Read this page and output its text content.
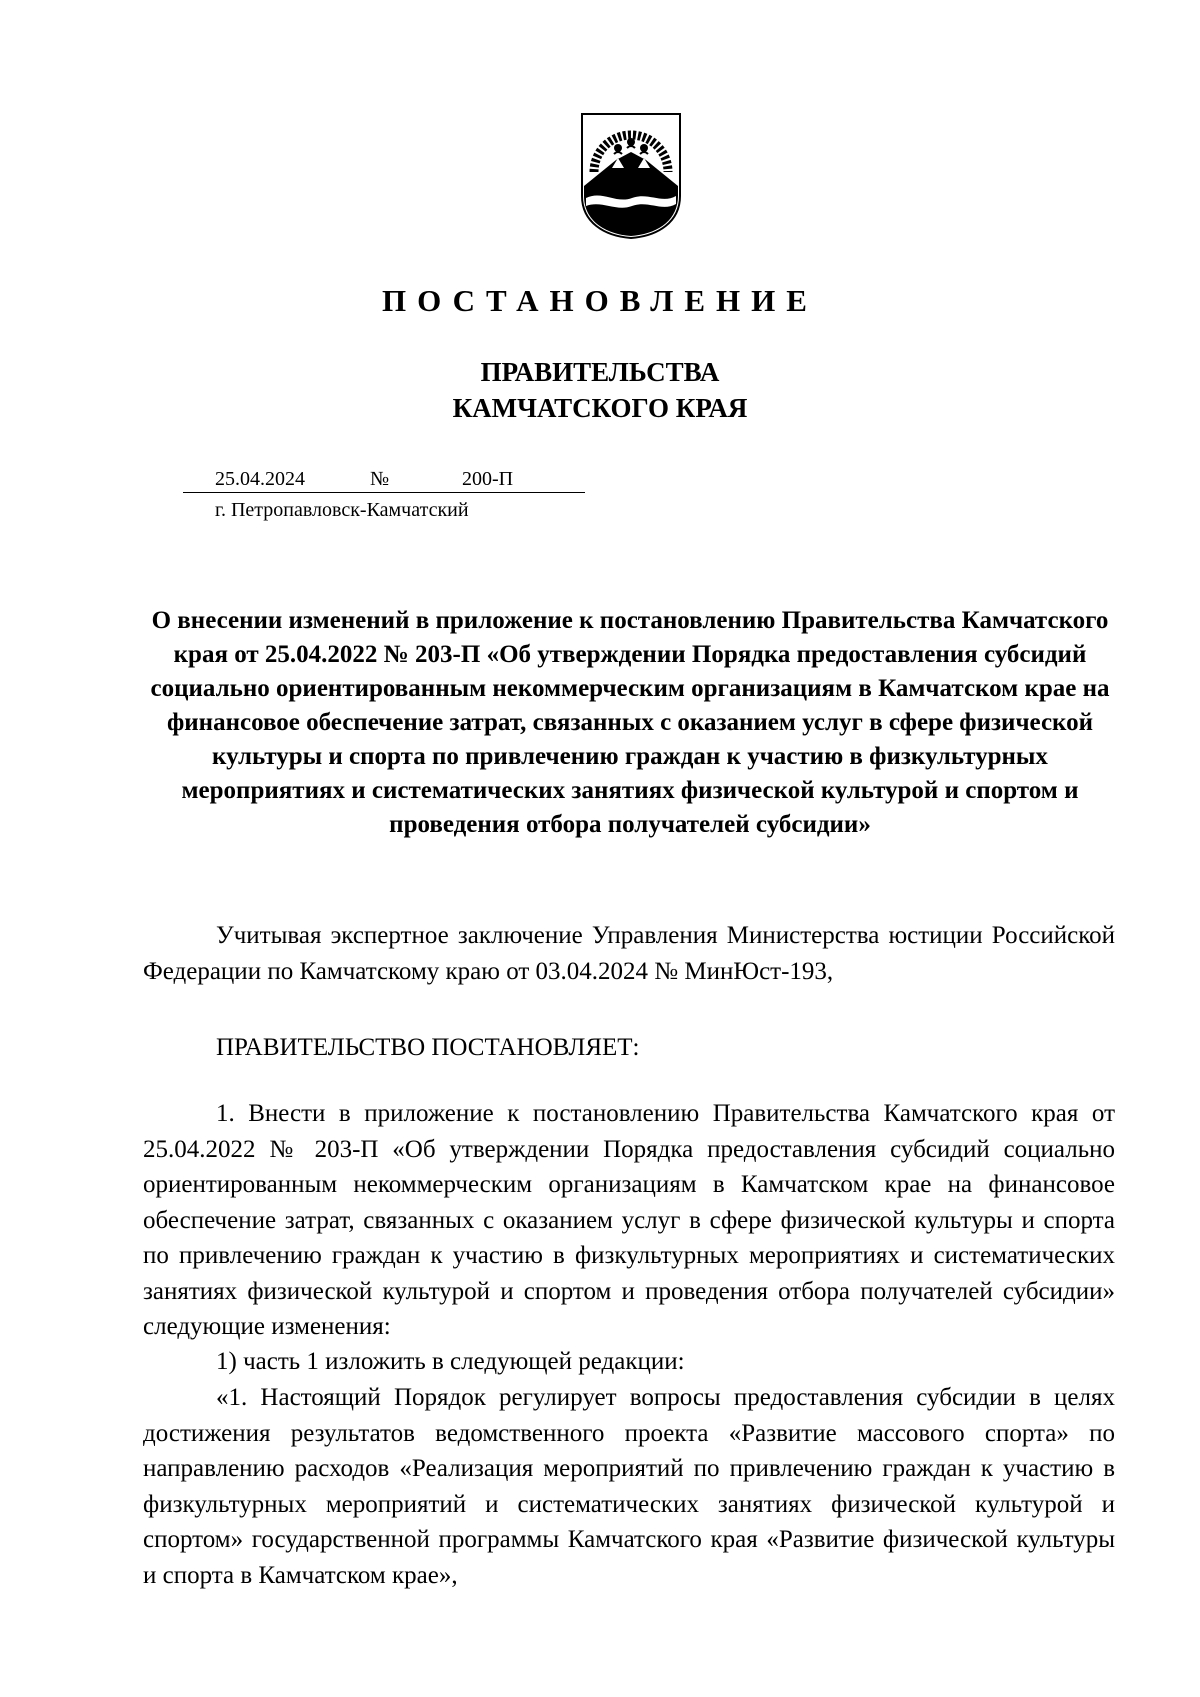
ПОСТАНОВЛЕНИЕ
ПРАВИТЕЛЬСТВА
КАМЧАТСКОГО КРАЯ
25.04.2024	№	200-П
г. Петропавловск-Камчатский
О внесении изменений в приложение к постановлению Правительства Камчатского края от 25.04.2022 № 203-П «Об утверждении Порядка предоставления субсидий социально ориентированным некоммерческим организациям в Камчатском крае на финансовое обеспечение затрат, связанных с оказанием услуг в сфере физической культуры и спорта по привлечению граждан к участию в физкультурных мероприятиях и систематических занятиях физической культурой и спортом и проведения отбора получателей субсидии»

Учитывая экспертное заключение Управления Министерства юстиции Российской Федерации по Камчатскому краю от 03.04.2024 № МинЮст-193,

ПРАВИТЕЛЬСТВО ПОСТАНОВЛЯЕТ:

1. Внести в приложение к постановлению Правительства Камчатского края от 25.04.2022 № 203-П «Об утверждении Порядка предоставления субсидий социально ориентированным некоммерческим организациям в Камчатском крае на финансовое обеспечение затрат, связанных с оказанием услуг в сфере физической культуры и спорта по привлечению граждан к участию в физкультурных мероприятиях и систематических занятиях физической культурой и спортом и проведения отбора получателей субсидии» следующие изменения:

1) часть 1 изложить в следующей редакции:

«1. Настоящий Порядок регулирует вопросы предоставления субсидии в целях достижения результатов ведомственного проекта «Развитие массового спорта» по направлению расходов «Реализация мероприятий по привлечению граждан к участию в физкультурных мероприятий и систематических занятиях физической культурой и спортом» государственной программы Камчатского края «Развитие физической культуры и спорта в Камчатском крае»,
